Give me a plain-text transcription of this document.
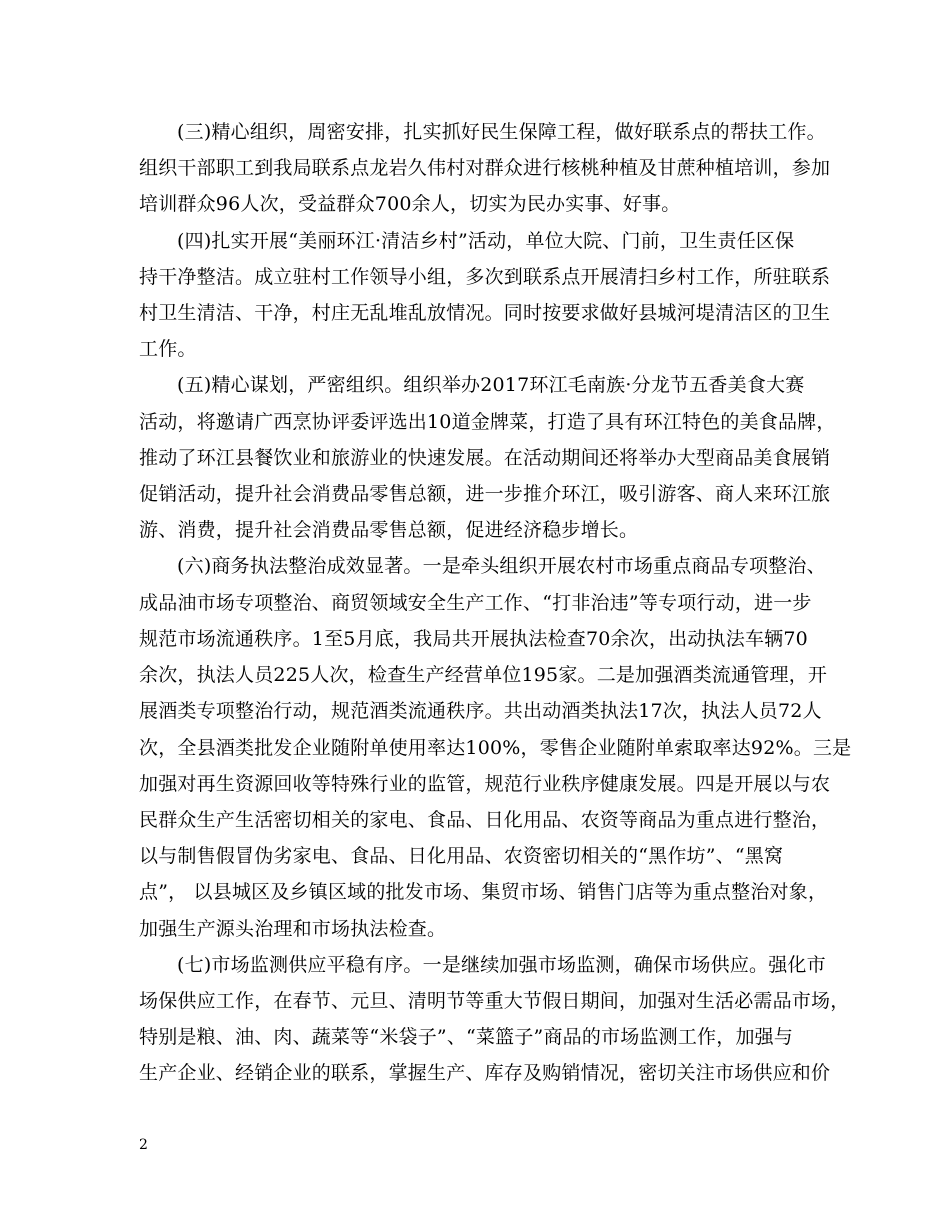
(三)精心组织，周密安排，扎实抓好民生保障工程，做好联系点的帮扶工作。
组织干部职工到我局联系点龙岩久伟村对群众进行核桃种植及甘蔗种植培训，参加
培训群众96人次，受益群众700余人，切实为民办实事、好事。
(四)扎实开展“美丽环江·清洁乡村”活动，单位大院、门前，卫生责任区保
持干净整洁。成立驻村工作领导小组，多次到联系点开展清扫乡村工作，所驻联系
村卫生清洁、干净，村庄无乱堆乱放情况。同时按要求做好县城河堤清洁区的卫生
工作。
(五)精心谋划，严密组织。组织举办2017环江毛南族·分龙节五香美食大赛
活动，将邀请广西烹协评委评选出10道金牌菜，打造了具有环江特色的美食品牌，
推动了环江县餐饮业和旅游业的快速发展。在活动期间还将举办大型商品美食展销
促销活动，提升社会消费品零售总额，进一步推介环江，吸引游客、商人来环江旅
游、消费，提升社会消费品零售总额，促进经济稳步增长。
(六)商务执法整治成效显著。一是牵头组织开展农村市场重点商品专项整治、
成品油市场专项整治、商贸领域安全生产工作、“打非治违”等专项行动，进一步
规范市场流通秩序。1至5月底，我局共开展执法检查70余次，出动执法车辆70
余次，执法人员225人次，检查生产经营单位195家。二是加强酒类流通管理，开
展酒类专项整治行动，规范酒类流通秩序。共出动酒类执法17次，执法人员72人
次，全县酒类批发企业随附单使用率达100%，零售企业随附单索取率达92%。三是
加强对再生资源回收等特殊行业的监管，规范行业秩序健康发展。四是开展以与农
民群众生产生活密切相关的家电、食品、日化用品、农资等商品为重点进行整治，
以与制售假冒伪劣家电、食品、日化用品、农资密切相关的“黑作坊”、“黑窝
点”， 以县城区及乡镇区域的批发市场、集贸市场、销售门店等为重点整治对象，
加强生产源头治理和市场执法检查。
(七)市场监测供应平稳有序。一是继续加强市场监测，确保市场供应。强化市
场保供应工作，在春节、元旦、清明节等重大节假日期间，加强对生活必需品市场，
特别是粮、油、肉、蔬菜等“米袋子”、“菜篮子”商品的市场监测工作，加强与
生产企业、经销企业的联系，掌握生产、库存及购销情况，密切关注市场供应和价
2
